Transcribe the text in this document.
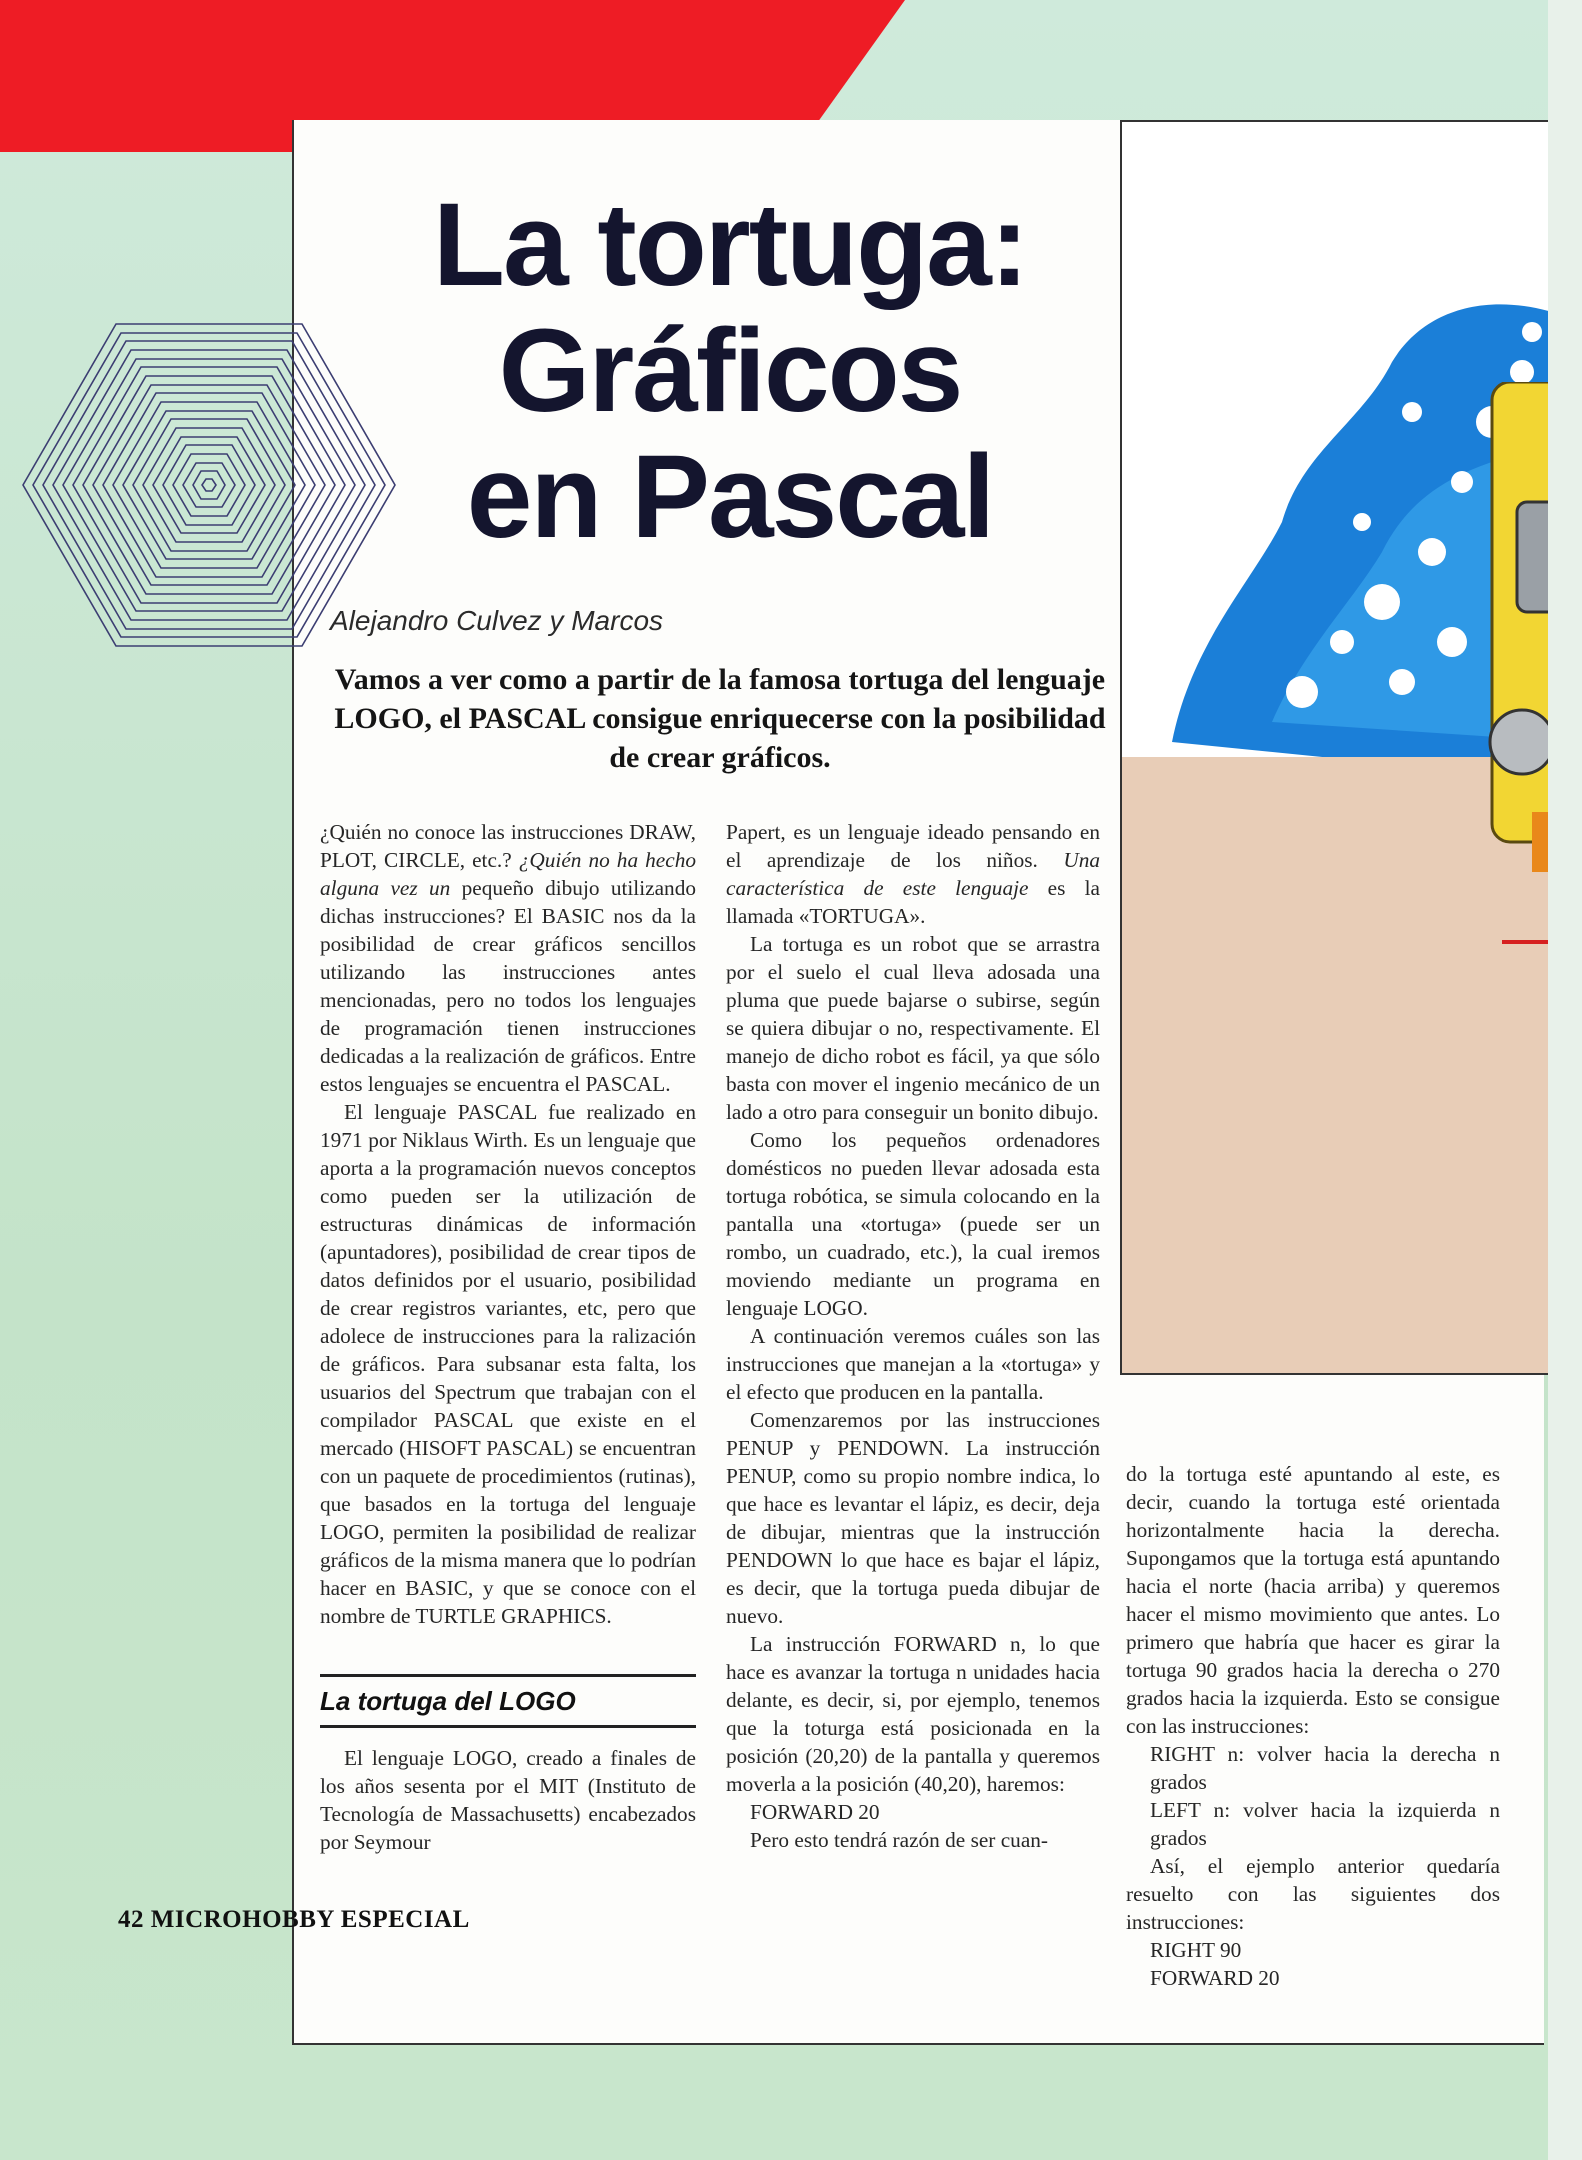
La tortuga:
Gráficos
en Pascal
Alejandro Culvez y Marcos

Vamos a ver como a partir de la famosa tortuga del lenguaje LOGO, el PASCAL consigue enriquecerse con la posibilidad de crear gráficos.

¿Quién no conoce las instrucciones DRAW, PLOT, CIRCLE, etc.? ¿Quién no ha hecho alguna vez un pequeño dibujo utilizando dichas instrucciones? El BASIC nos da la posibilidad de crear gráficos sencillos utilizando las instrucciones antes mencionadas, pero no todos los lenguajes de programación tienen instrucciones dedicadas a la realización de gráficos. Entre estos lenguajes se encuentra el PASCAL.

El lenguaje PASCAL fue realizado en 1971 por Niklaus Wirth. Es un lenguaje que aporta a la programación nuevos conceptos como pueden ser la utilización de estructuras dinámicas de información (apuntadores), posibilidad de crear tipos de datos definidos por el usuario, posibilidad de crear registros variantes, etc, pero que adolece de instrucciones para la ralización de gráficos. Para subsanar esta falta, los usuarios del Spectrum que trabajan con el compilador PASCAL que existe en el mercado (HISOFT PASCAL) se encuentran con un paquete de procedimientos (rutinas), que basados en la tortuga del lenguaje LOGO, permiten la posibilidad de realizar gráficos de la misma manera que lo podrían hacer en BASIC, y que se conoce con el nombre de TURTLE GRAPHICS.

La tortuga del LOGO

El lenguaje LOGO, creado a finales de los años sesenta por el MIT (Instituto de Tecnología de Massachusetts) encabezados por Seymour

Papert, es un lenguaje ideado pensando en el aprendizaje de los niños. Una característica de este lenguaje es la llamada «TORTUGA».

La tortuga es un robot que se arrastra por el suelo el cual lleva adosada una pluma que puede bajarse o subirse, según se quiera dibujar o no, respectivamente. El manejo de dicho robot es fácil, ya que sólo basta con mover el ingenio mecánico de un lado a otro para conseguir un bonito dibujo.

Como los pequeños ordenadores domésticos no pueden llevar adosada esta tortuga robótica, se simula colocando en la pantalla una «tortuga» (puede ser un rombo, un cuadrado, etc.), la cual iremos moviendo mediante un programa en lenguaje LOGO.

A continuación veremos cuáles son las instrucciones que manejan a la «tortuga» y el efecto que producen en la pantalla.

Comenzaremos por las instrucciones PENUP y PENDOWN. La instrucción PENUP, como su propio nombre indica, lo que hace es levantar el lápiz, es decir, deja de dibujar, mientras que la instrucción PENDOWN lo que hace es bajar el lápiz, es decir, que la tortuga pueda dibujar de nuevo.

La instrucción FORWARD n, lo que hace es avanzar la tortuga n unidades hacia delante, es decir, si, por ejemplo, tenemos que la toturga está posicionada en la posición (20,20) de la pantalla y queremos moverla a la posición (40,20), haremos:

FORWARD 20

Pero esto tendrá razón de ser cuan-

do la tortuga esté apuntando al este, es decir, cuando la tortuga esté orientada horizontalmente hacia la derecha. Supongamos que la tortuga está apuntando hacia el norte (hacia arriba) y queremos hacer el mismo movimiento que antes. Lo primero que habría que hacer es girar la tortuga 90 grados hacia la derecha o 270 grados hacia la izquierda. Esto se consigue con las instrucciones:

RIGHT n: volver hacia la derecha n grados

LEFT n: volver hacia la izquierda n grados

Así, el ejemplo anterior quedaría resuelto con las siguientes dos instrucciones:

RIGHT 90

FORWARD 20

42 MICROHOBBY ESPECIAL
